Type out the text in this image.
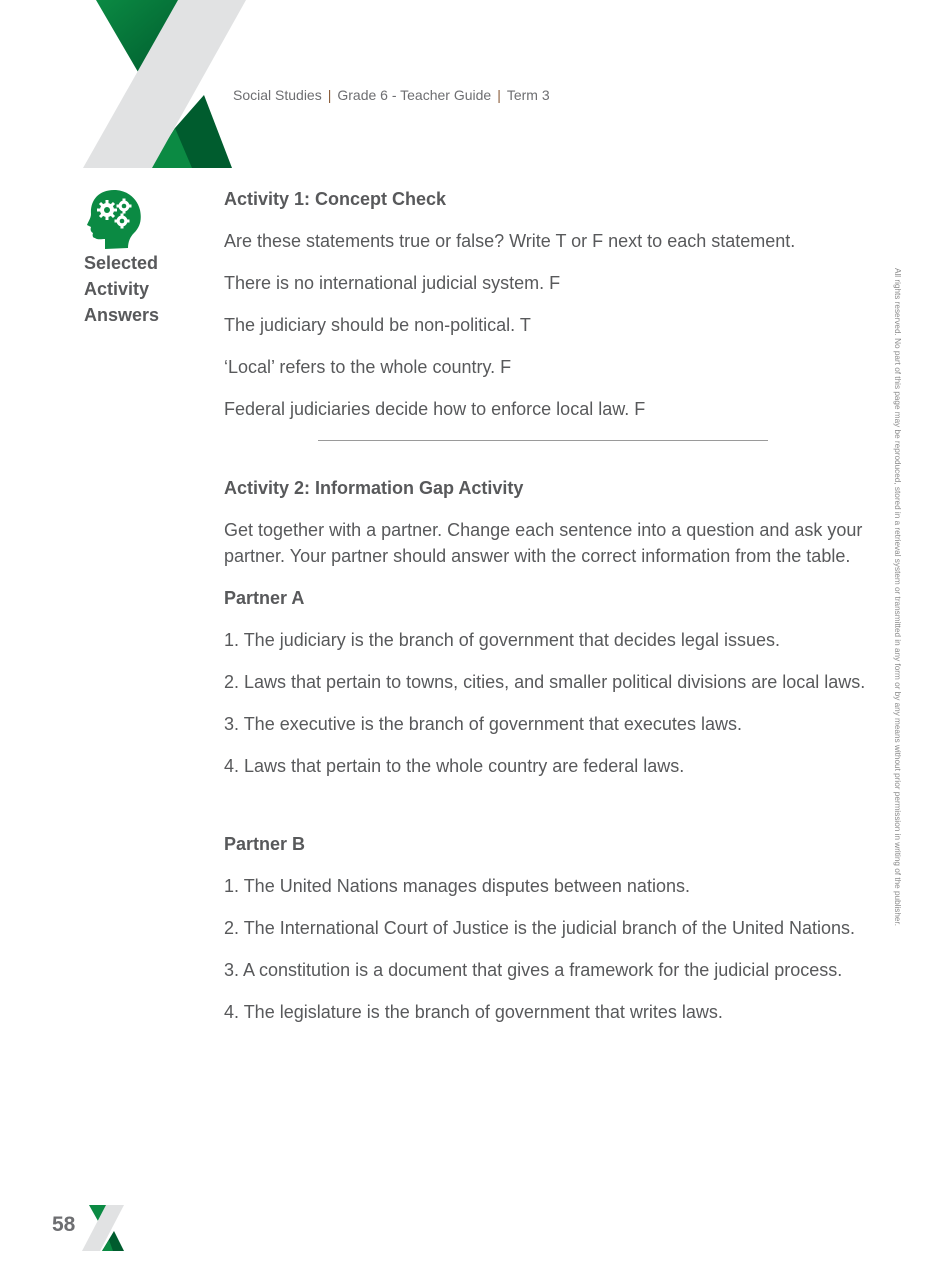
Social Studies | Grade 6 - Teacher Guide | Term 3
Selected
Activity
Answers
Activity 1: Concept Check

Are these statements true or false? Write T or F next to each statement.

There is no international judicial system. F

The judiciary should be non-political. T

‘Local’ refers to the whole country. F

Federal judiciaries decide how to enforce local law. F

Activity 2: Information Gap Activity

Get together with a partner. Change each sentence into a question and ask your partner. Your partner should answer with the correct information from the table.

Partner A

1. The judiciary is the branch of government that decides legal issues.

2. Laws that pertain to towns, cities, and smaller political divisions are local laws.

3. The executive is the branch of government that executes laws.

4. Laws that pertain to the whole country are federal laws.

Partner B

1. The United Nations manages disputes between nations.

2. The International Court of Justice is the judicial branch of the United Nations.

3. A constitution is a document that gives a framework for the judicial process.

4. The legislature is the branch of government that writes laws.

All rights reserved. No part of this page may be reproduced, stored in a retrieval system or transmitted in any form or by any means without prior permission in writing of the publisher.
58
